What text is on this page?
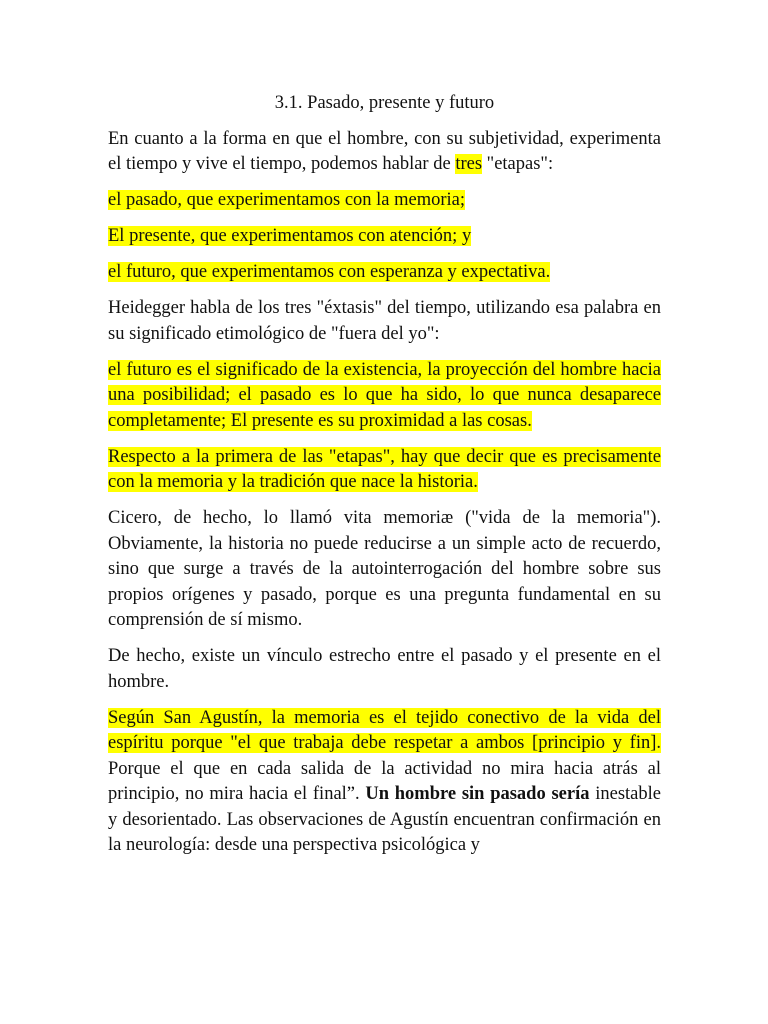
3.1. Pasado, presente y futuro

En cuanto a la forma en que el hombre, con su subjetividad, experimenta el tiempo y vive el tiempo, podemos hablar de tres "etapas":

el pasado, que experimentamos con la memoria;

El presente, que experimentamos con atención; y

el futuro, que experimentamos con esperanza y expectativa.

Heidegger habla de los tres "éxtasis" del tiempo, utilizando esa palabra en su significado etimológico de "fuera del yo":

el futuro es el significado de la existencia, la proyección del hombre hacia una posibilidad; el pasado es lo que ha sido, lo que nunca desaparece completamente; El presente es su proximidad a las cosas.

Respecto a la primera de las "etapas", hay que decir que es precisamente con la memoria y la tradición que nace la historia.

Cicero, de hecho, lo llamó vita memoriæ ("vida de la memoria"). Obviamente, la historia no puede reducirse a un simple acto de recuerdo, sino que surge a través de la autointerrogación del hombre sobre sus propios orígenes y pasado, porque es una pregunta fundamental en su comprensión de sí mismo.

De hecho, existe un vínculo estrecho entre el pasado y el presente en el hombre.

Según San Agustín, la memoria es el tejido conectivo de la vida del espíritu porque "el que trabaja debe respetar a ambos [principio y fin]. Porque el que en cada salida de la actividad no mira hacia atrás al principio, no mira hacia el final”. Un hombre sin pasado sería inestable y desorientado. Las observaciones de Agustín encuentran confirmación en la neurología: desde una perspectiva psicológica y
